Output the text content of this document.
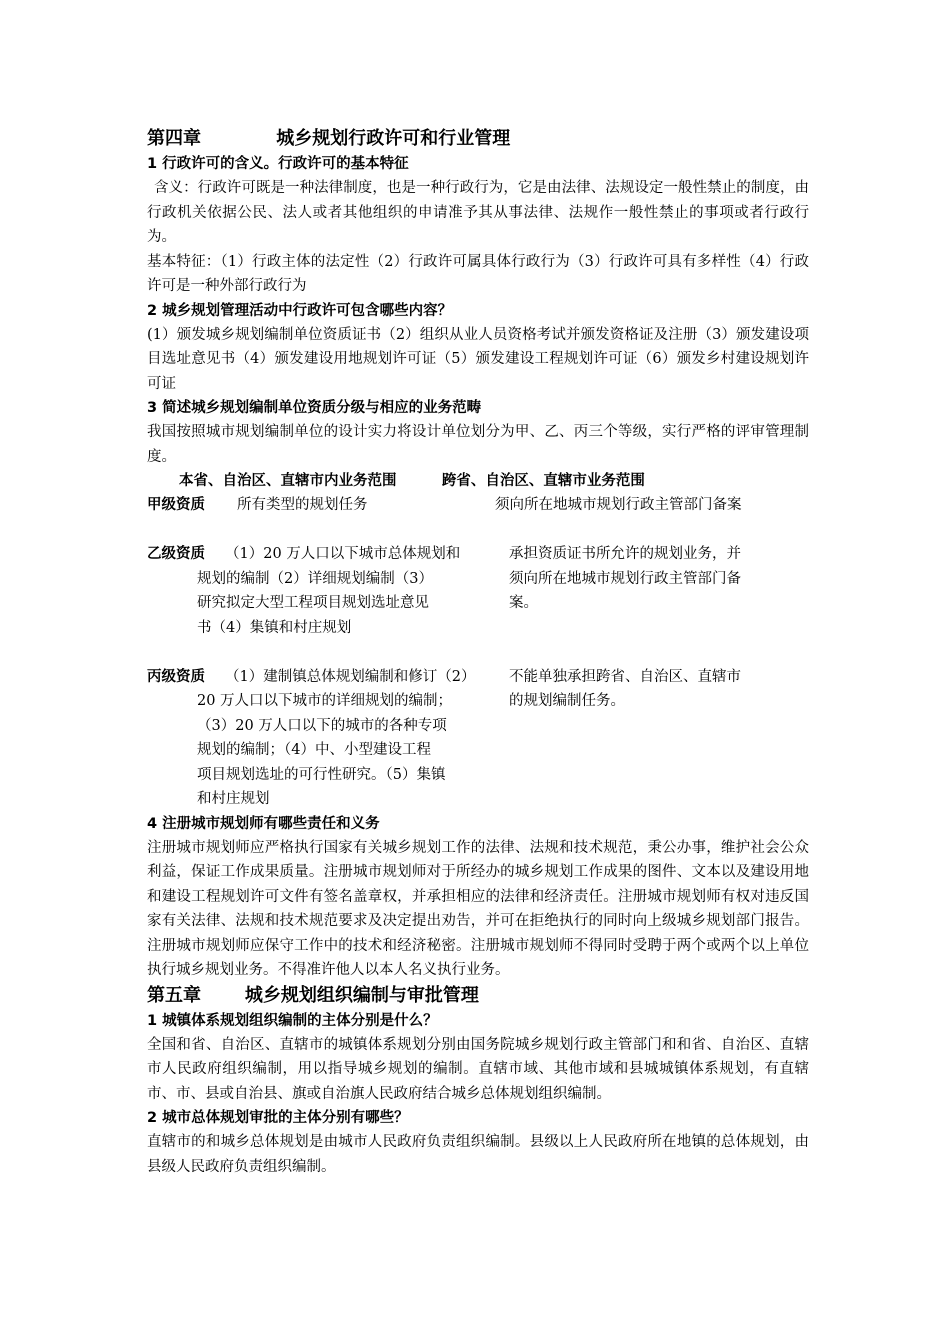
第四章            城乡规划行政许可和行业管理
1 行政许可的含义。行政许可的基本特征
含义：行政许可既是一种法律制度，也是一种行政行为，它是由法律、法规设定一般性禁止的制度，由行政机关依据公民、法人或者其他组织的申请准予其从事法律、法规作一般性禁止的事项或者行政行为。
基本特征：（1）行政主体的法定性（2）行政许可属具体行政行为（3）行政许可具有多样性（4）行政许可是一种外部行政行为
2 城乡规划管理活动中行政许可包含哪些内容？
(1）颁发城乡规划编制单位资质证书（2）组织从业人员资格考试并颁发资格证及注册（3）颁发建设项目选址意见书（4）颁发建设用地规划许可证（5）颁发建设工程规划许可证（6）颁发乡村建设规划许可证
3 简述城乡规划编制单位资质分级与相应的业务范畴
我国按照城市规划编制单位的设计实力将设计单位划分为甲、乙、丙三个等级，实行严格的评审管理制度。
本省、自治区、直辖市内业务范围         跨省、自治区、直辖市业务范围
甲级资质	所有类型的规划任务	须向所在地城市规划行政主管部门备案
乙级资质 （1）20 万人口以下城市总体规划和
规划的编制（2）详细规划编制（3）
研究拟定大型工程项目规划选址意见
书（4）集镇和村庄规划
承担资质证书所允许的规划业务，并
须向所在地城市规划行政主管部门备
案。
丙级资质 （1）建制镇总体规划编制和修订（2）
20 万人口以下城市的详细规划的编制；
（3）20 万人口以下的城市的各种专项
规划的编制；（4）中、小型建设工程
项目规划选址的可行性研究。（5）集镇
和村庄规划
不能单独承担跨省、自治区、直辖市
的规划编制任务。
4 注册城市规划师有哪些责任和义务
注册城市规划师应严格执行国家有关城乡规划工作的法律、法规和技术规范，秉公办事，维护社会公众利益，保证工作成果质量。注册城市规划师对于所经办的城乡规划工作成果的图件、文本以及建设用地和建设工程规划许可文件有签名盖章权，并承担相应的法律和经济责任。注册城市规划师有权对违反国家有关法律、法规和技术规范要求及决定提出劝告，并可在拒绝执行的同时向上级城乡规划部门报告。注册城市规划师应保守工作中的技术和经济秘密。注册城市规划师不得同时受聘于两个或两个以上单位执行城乡规划业务。不得准许他人以本人名义执行业务。
第五章       城乡规划组织编制与审批管理
1 城镇体系规划组织编制的主体分别是什么？
全国和省、自治区、直辖市的城镇体系规划分别由国务院城乡规划行政主管部门和和省、自治区、直辖市人民政府组织编制，用以指导城乡规划的编制。直辖市域、其他市域和县城城镇体系规划，有直辖市、市、县或自治县、旗或自治旗人民政府结合城乡总体规划组织编制。
2 城市总体规划审批的主体分别有哪些？
直辖市的和城乡总体规划是由城市人民政府负责组织编制。县级以上人民政府所在地镇的总体规划，由县级人民政府负责组织编制。
